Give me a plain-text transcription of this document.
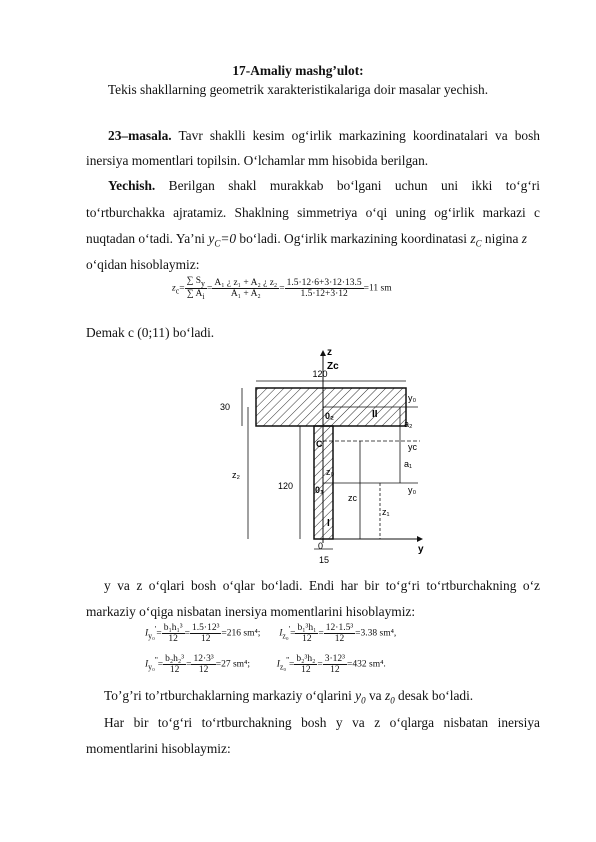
17-Amaliy mashg’ulot:
Tekis shakllarning geometrik xarakteristikalariga doir masalar yechish.
23–masala. Tavr shaklli kesim og‘irlik markazining koordinatalari va bosh
inersiya momentlari topilsin. O‘lchamlar mm hisobida berilgan.
Yechish. Berilgan shakl murakkab bo‘lgani uchun uni ikki to‘g‘ri
to‘rtburchakka ajratamiz. Shaklning simmetriya o‘qi uning og‘irlik markazi c
nuqtadan o‘tadi. Ya’ni $y_C=0$ bo‘ladi. Og‘irlik markazining koordinatasi $z_C$ nigina z
o‘qidan hisoblaymiz:
$z_c= \frac{\sum S_y}{\sum A_i} = \frac{\text{A₁ ¿ z₁ + A₂ ¿ z₂}}{\text{A₁ + A₂}} = \frac{1.5\cdot 12\cdot 6+3\cdot 12\cdot 13.5}{1.5\cdot 12+3\cdot 12} =11$ sm
Demak c (0;11) bo‘ladi.
z
Zc
y
y₀
yc
y₀
120
30
120
z₂
15
0
II
I
a₂
a₁
zc
z₁
0₂
C
z₀
0₁
y va z o‘qlari bosh o‘qlar bo‘ladi. Endi har bir to‘g‘ri to‘rtburchakning o‘z
markaziy o‘qiga nisbatan inersiya momentlarini hisoblaymiz:
$I_{y_0}'= \frac{\text{b₁h₁³}}{12} = \frac{\text{1.5·12³}}{12} =216$ sm⁴; $I_{z_0}'= \frac{\text{b₁³h₁}}{12} = \frac{\text{12·1.5³}}{12} =3.38$ sm⁴,
$I_{y_0}''= \frac{\text{b₂h₂³}}{12} = \frac{\text{12·3³}}{12} =27$ sm⁴;	$I_{z_0}''= \frac{\text{b₂³h₂}}{12} = \frac{\text{3·12³}}{12} =432$ sm⁴.
To’g’ri to’rtburchaklarning markaziy o‘qlarini $y_0$ va $z_0$ desak bo‘ladi.
Har bir to‘g‘ri to‘rtburchakning bosh y va z o‘qlarga nisbatan inersiya
momentlarini hisoblaymiz:
